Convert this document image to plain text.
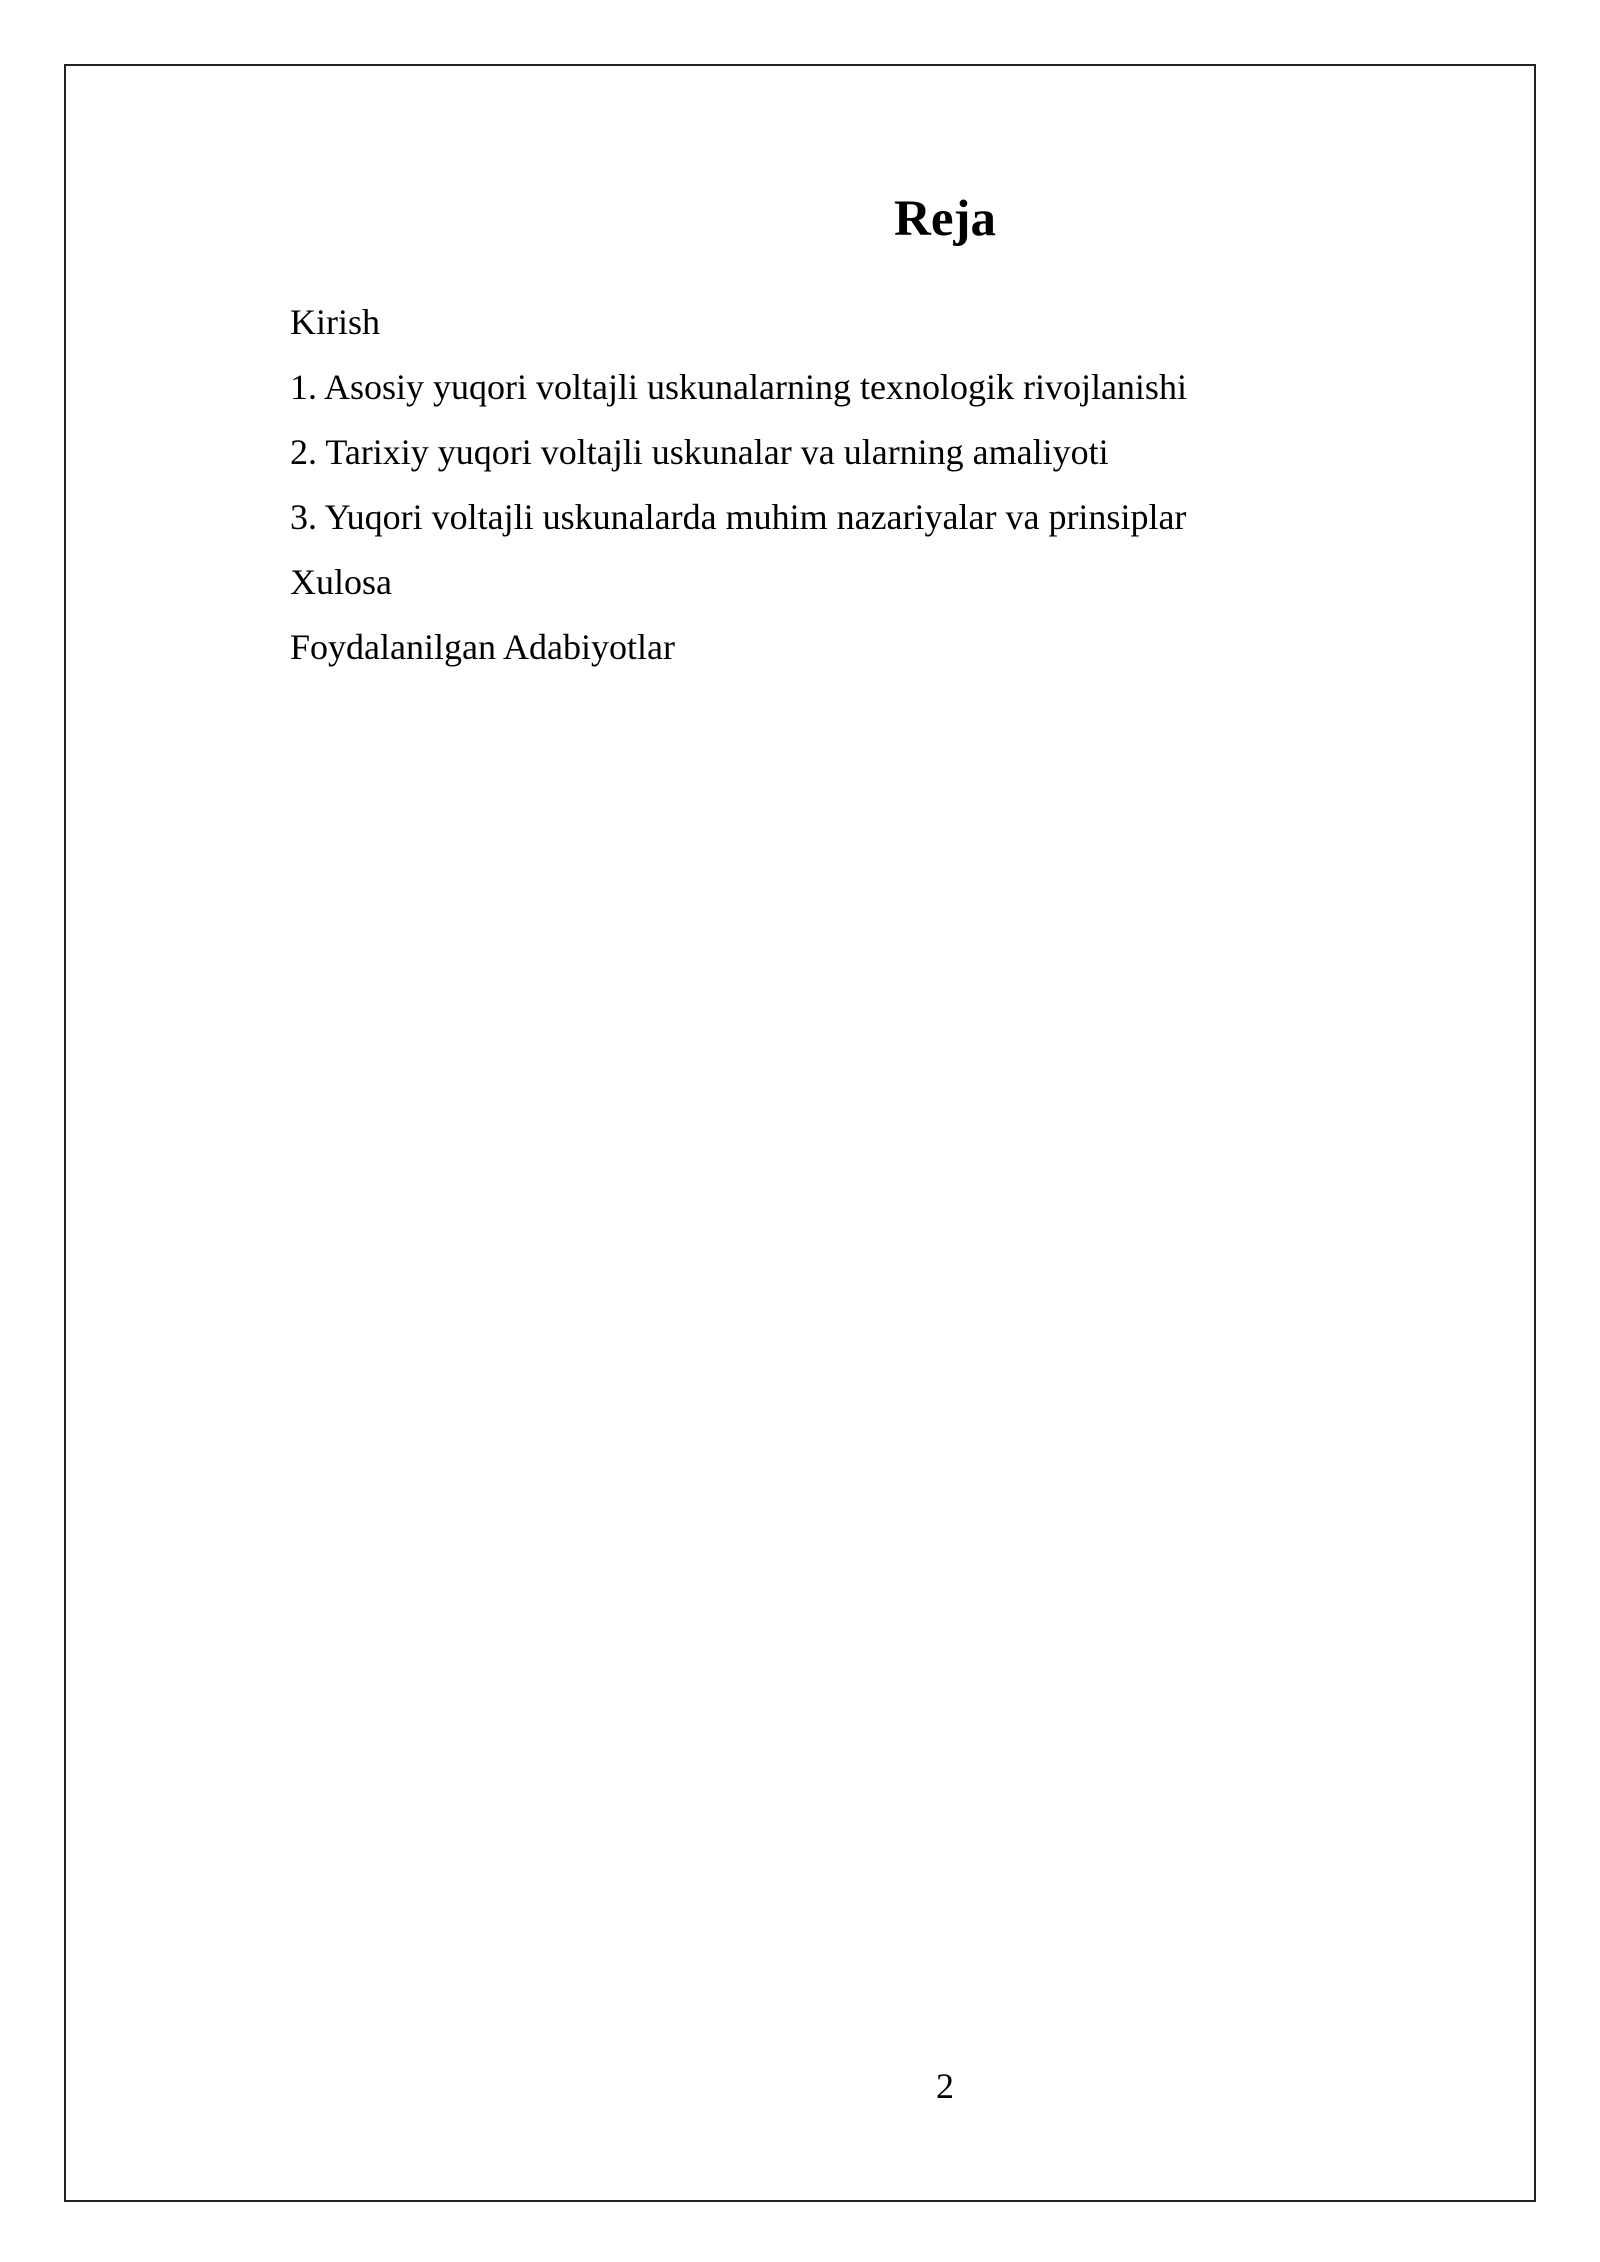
Reja
Kirish
1. Asosiy yuqori voltajli uskunalarning texnologik rivojlanishi
2. Tarixiy yuqori voltajli uskunalar va ularning amaliyoti
3. Yuqori voltajli uskunalarda muhim nazariyalar va prinsiplar
Xulosa
Foydalanilgan Adabiyotlar
2
